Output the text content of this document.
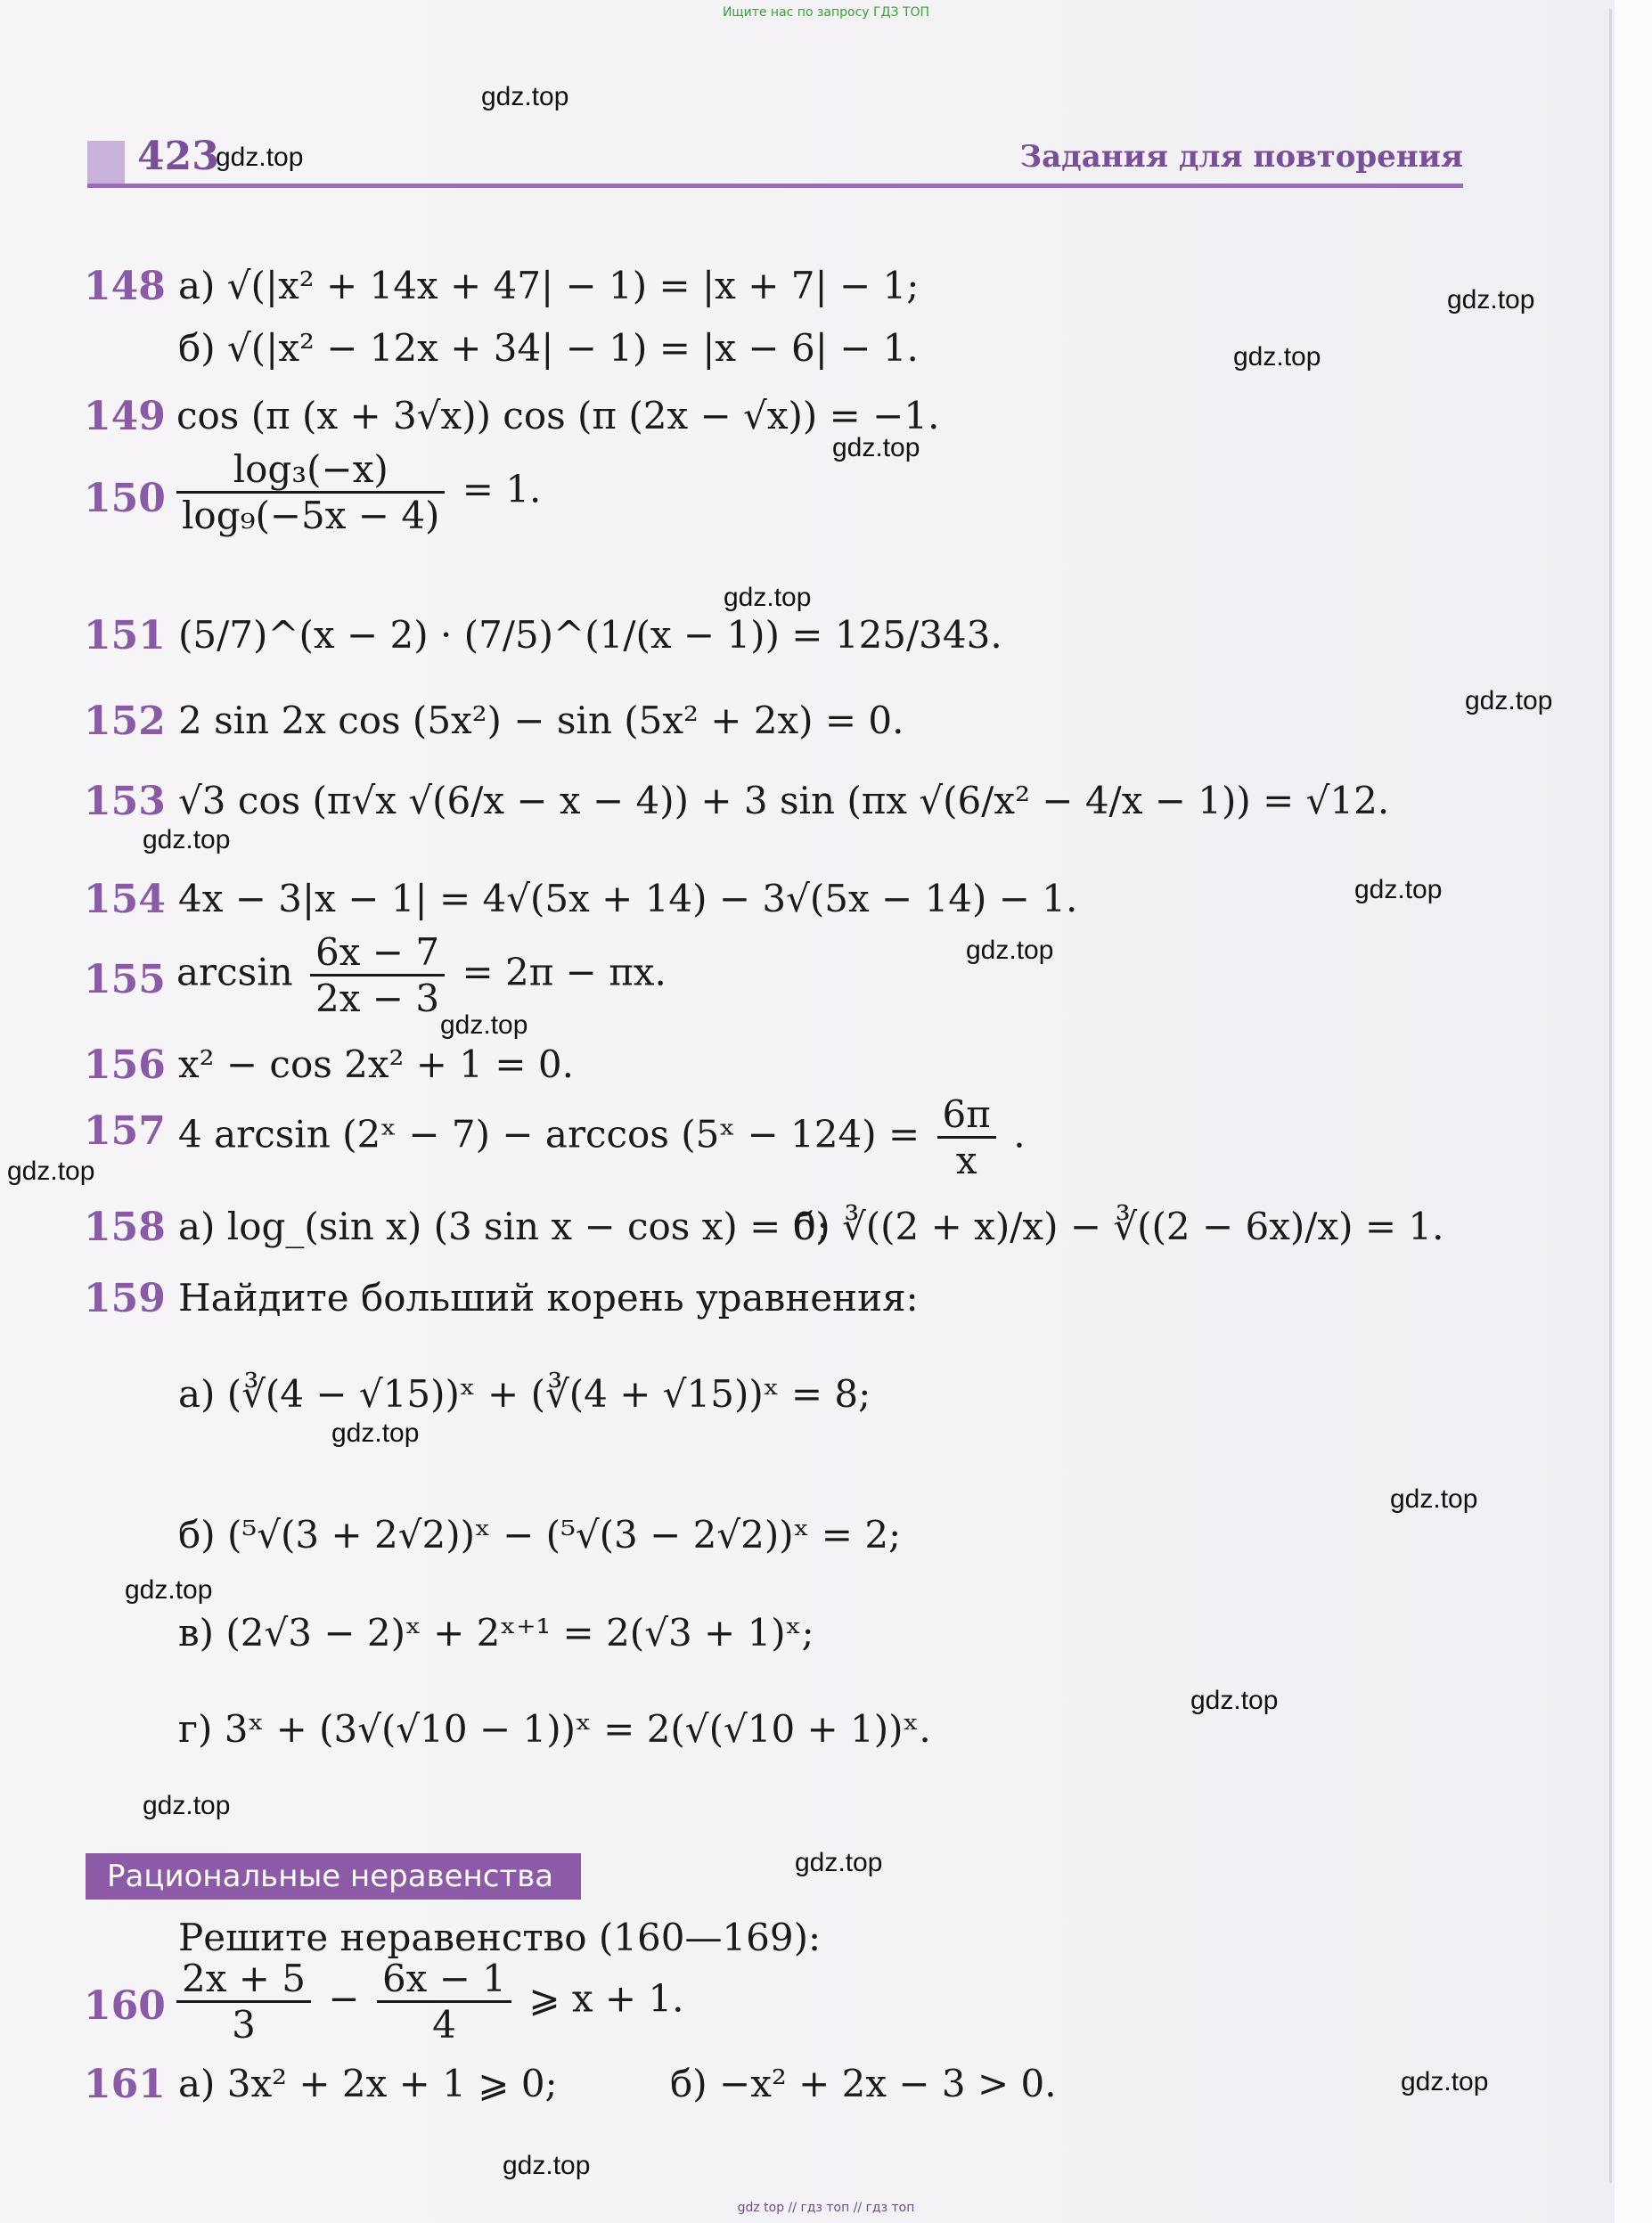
Ищите нас по запросу ГДЗ ТОП
423	Задания для повторения
gdz.top
gdz.top
gdz.top
gdz.top
gdz.top
gdz.top
gdz.top
gdz.top
gdz.top
gdz.top
gdz.top
gdz.top
gdz.top
gdz.top
gdz.top
gdz.top
gdz.top
gdz.top
gdz.top
gdz.top
148 а) √(|x² + 14x + 47| − 1) = |x + 7| − 1;
б) √(|x² − 12x + 34| − 1) = |x − 6| − 1.
149 cos (π (x + 3√x)) cos (π (2x − √x)) = −1.
$150 \frac{\text{log₃(−x)}}{\text{log₉(−5x − 4)}} = 1$.
151 (5/7)^(x − 2) · (7/5)^(1/(x − 1)) = 125/343.
152 2 sin 2x cos (5x²) − sin (5x² + 2x) = 0.
153 √3 cos (π√x √(6/x − x − 4)) + 3 sin (πx √(6/x² − 4/x − 1)) = √12.
154 4x − 3|x − 1| = 4√(5x + 14) − 3√(5x − 14) − 1.
155 $\arcsin \frac{6x - 7}{2x - 3} = 2\pi - \pi x$.
156 x² − cos 2x² + 1 = 0.
157 4 arcsin (2ˣ − 7) − arccos (5ˣ − $124) = \frac{6\pi}{x}$ .
158 а) log_(sin x) (3 sin x − cos x) = 0;
б) ∛((2 + x)/x) − ∛((2 − 6x)/x) = 1.
159 Найдите больший корень уравнения:
а) (∛(4 − √15))ˣ + (∛(4 + √15))ˣ = 8;
б) (⁵√(3 + 2√2))ˣ − (⁵√(3 − 2√2))ˣ = 2;
в) (2√3 − 2)ˣ + 2ˣ⁺¹ = 2(√3 + 1)ˣ;
г) 3ˣ + (3√(√10 − 1))ˣ = 2(√(√10 + 1))ˣ.
Рациональные неравенства
Решите неравенство (160—169):
$160 \frac{2x + 5}{3} - \frac{6x - 1}{4}$ ⩾ x + 1.
161 а) 3x² + 2x + 1 ⩾ 0;	б) −x² + 2x − 3 > 0.
gdz top // гдз топ // гдз топ
